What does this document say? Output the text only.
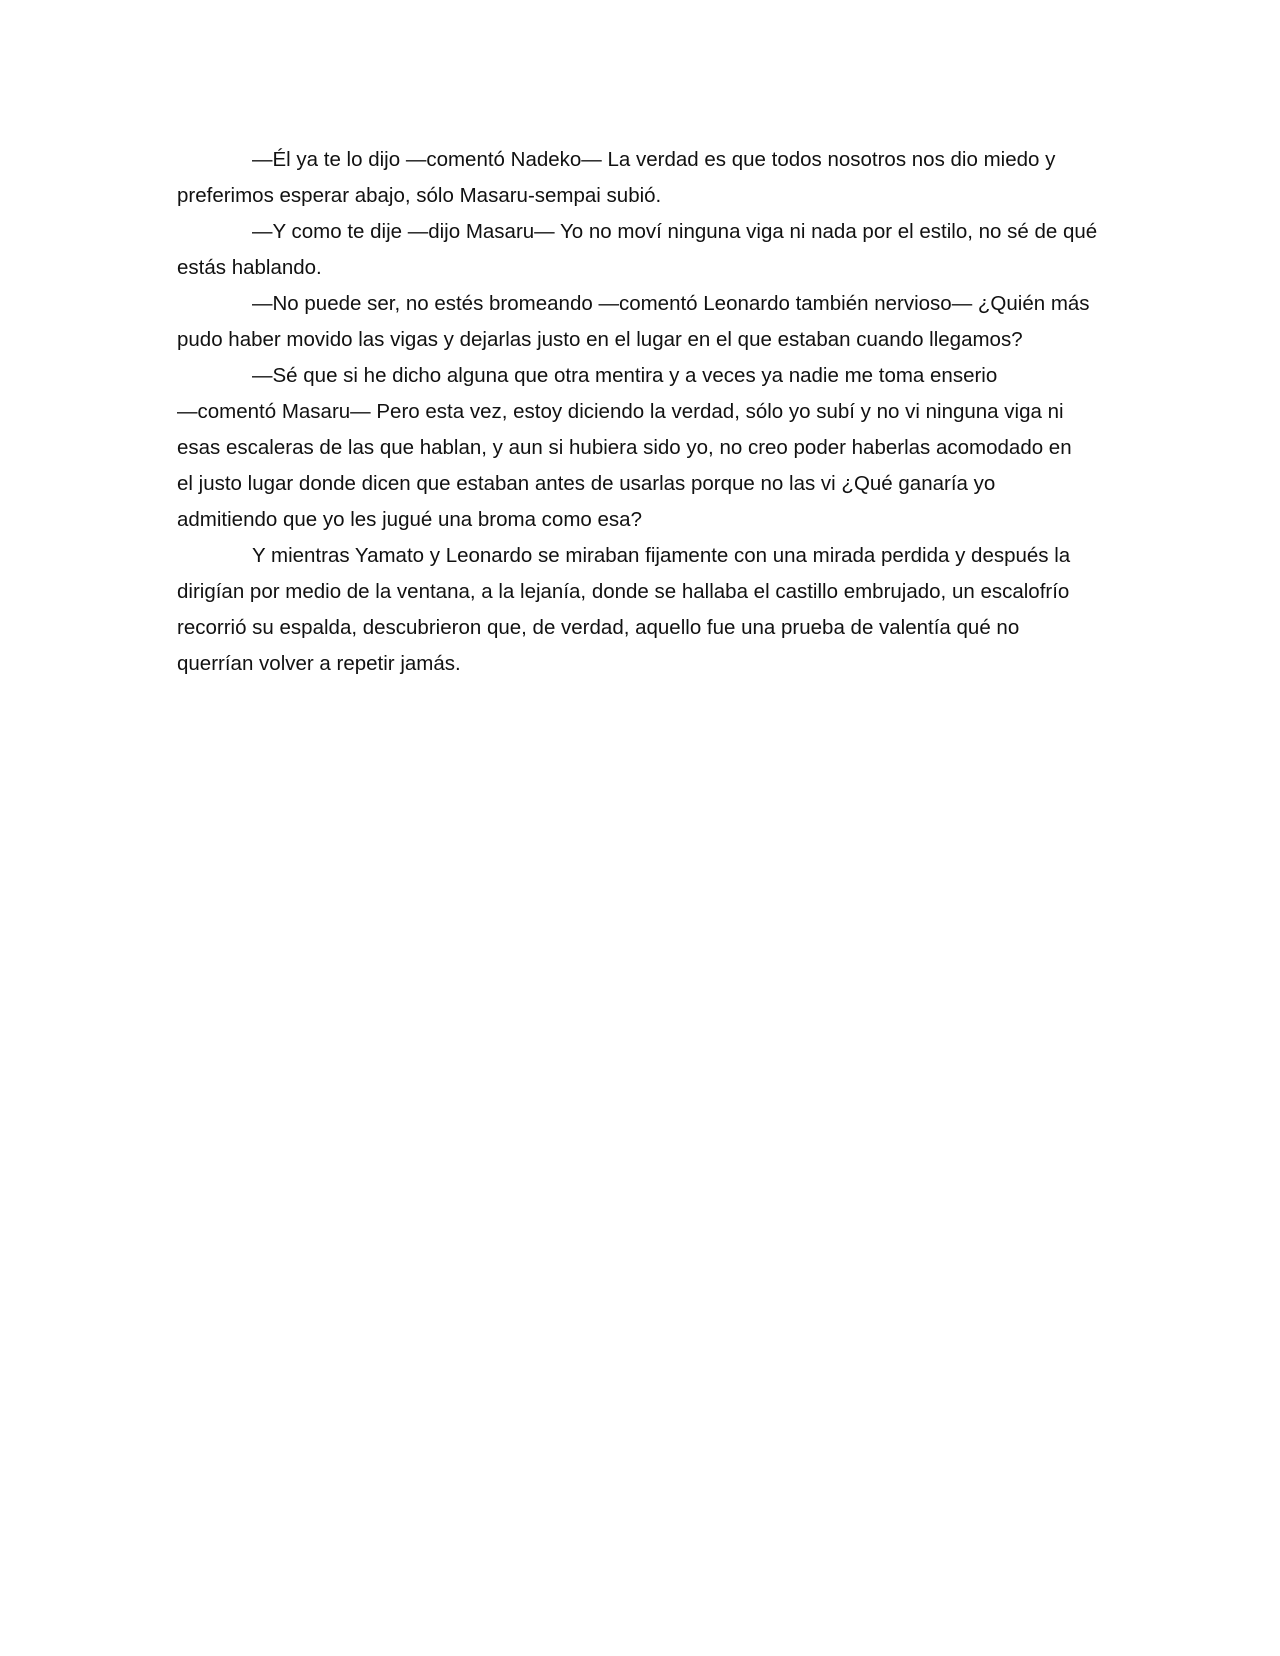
—Él ya te lo dijo —comentó Nadeko— La verdad es que todos nosotros nos dio miedo y
preferimos esperar abajo, sólo Masaru-sempai subió.
—Y como te dije —dijo Masaru— Yo no moví ninguna viga ni nada por el estilo, no sé de qué
estás hablando.
—No puede ser, no estés bromeando —comentó Leonardo también nervioso— ¿Quién más
pudo haber movido las vigas y dejarlas justo en el lugar en el que estaban cuando llegamos?
—Sé que si he dicho alguna que otra mentira y a veces ya nadie me toma enserio
—comentó Masaru— Pero esta vez, estoy diciendo la verdad, sólo yo subí y no vi ninguna viga ni
esas escaleras de las que hablan, y aun si hubiera sido yo, no creo poder haberlas acomodado en
el justo lugar donde dicen que estaban antes de usarlas porque no las vi ¿Qué ganaría yo
admitiendo que yo les jugué una broma como esa?
Y mientras Yamato y Leonardo se miraban fijamente con una mirada perdida y después la
dirigían por medio de la ventana, a la lejanía, donde se hallaba el castillo embrujado, un escalofrío
recorrió su espalda, descubrieron que, de verdad, aquello fue una prueba de valentía qué no
querrían volver a repetir jamás.
